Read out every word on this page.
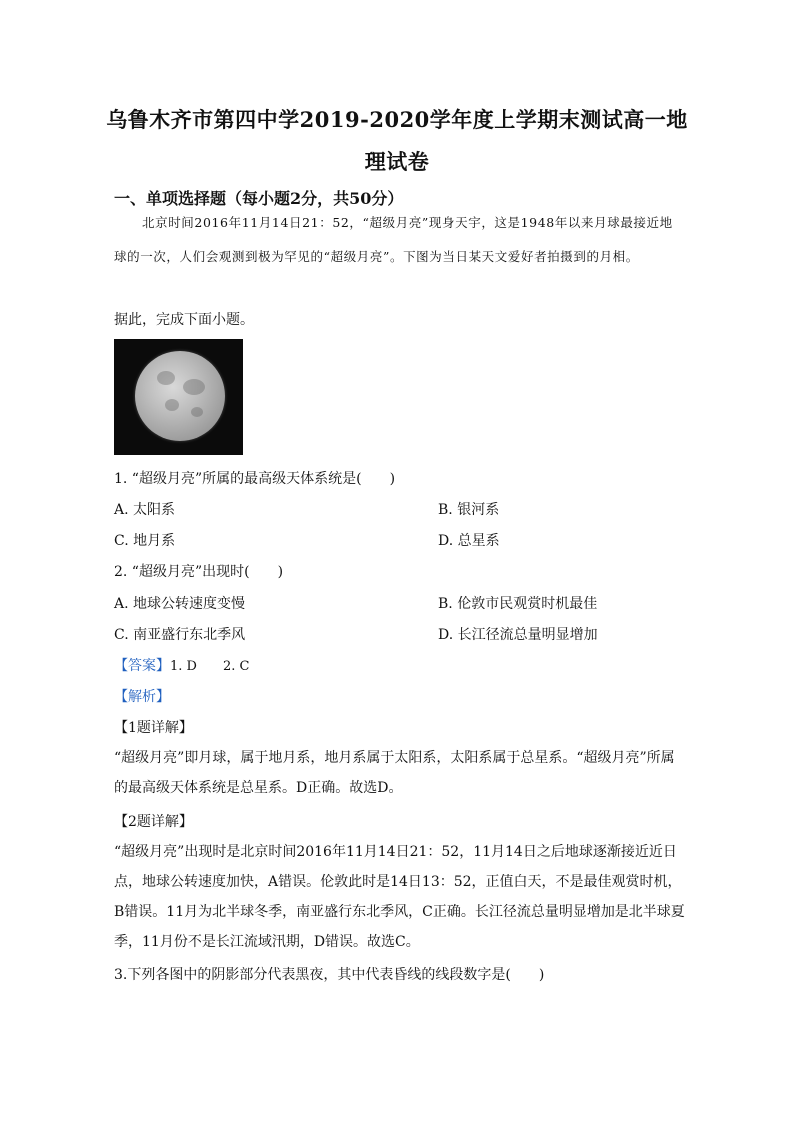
乌鲁木齐市第四中学2019-2020学年度上学期末测试高一地
理试卷
一、单项选择题（每小题2分，共50分）
北京时间2016年11月14日21：52，“超级月亮”现身天宇，这是1948年以来月球最接近地球的一次，人们会观测到极为罕见的“超级月亮”。下图为当日某天文爱好者拍摄到的月相。
据此，完成下面小题。
1. “超级月亮”所属的最高级天体系统是(　　)
A. 太阳系	B. 银河系
C. 地月系	D. 总星系
2. “超级月亮”出现时(　　)
A. 地球公转速度变慢	B. 伦敦市民观赏时机最佳
C. 南亚盛行东北季风	D. 长江径流总量明显增加
【答案】1. D　　2. C
【解析】
【1题详解】
“超级月亮”即月球，属于地月系，地月系属于太阳系，太阳系属于总星系。“超级月亮”所属的最高级天体系统是总星系。D正确。故选D。
【2题详解】
“超级月亮”出现时是北京时间2016年11月14日21：52，11月14日之后地球逐渐接近近日点，地球公转速度加快，A错误。伦敦此时是14日13：52，正值白天，不是最佳观赏时机，B错误。11月为北半球冬季，南亚盛行东北季风，C正确。长江径流总量明显增加是北半球夏季，11月份不是长江流域汛期，D错误。故选C。
3.下列各图中的阴影部分代表黑夜，其中代表昏线的线段数字是(　　)
